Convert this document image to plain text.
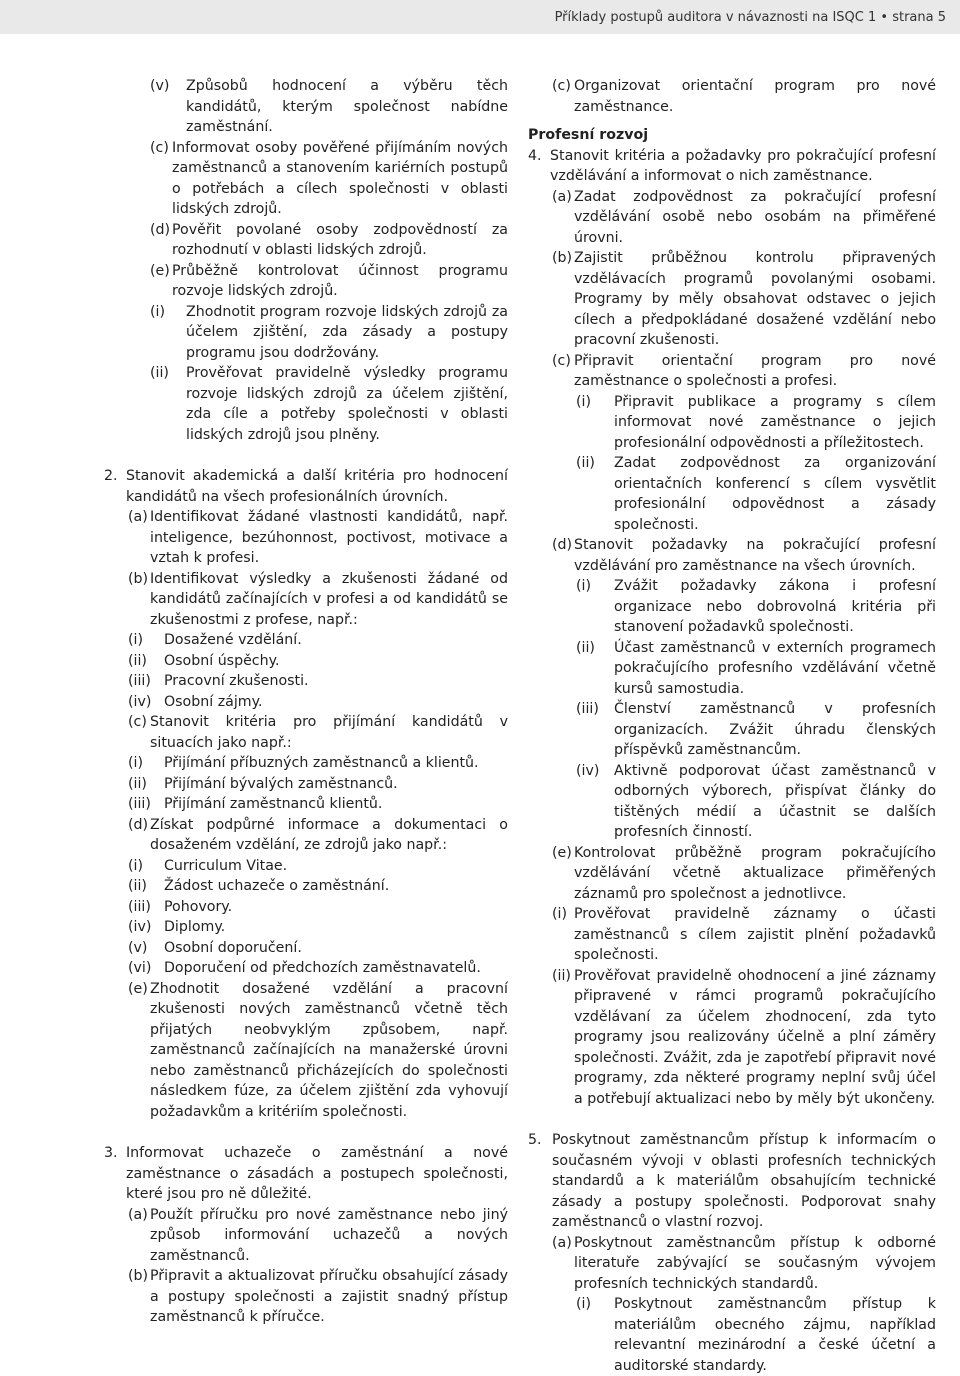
Příklady postupů auditora v návaznosti na ISQC 1 • strana 5
(v) Způsobů hodnocení a výběru těch kandidátů, kterým společnost nabídne zaměstnání.
(c) Informovat osoby pověřené přijímáním nových zaměstnanců a stanovením kariérních postupů o potřebách a cílech společnosti v oblasti lidských zdrojů.
(d) Pověřit povolané osoby zodpovědností za rozhodnutí v oblasti lidských zdrojů.
(e) Průběžně kontrolovat účinnost programu rozvoje lidských zdrojů.
(i) Zhodnotit program rozvoje lidských zdrojů za účelem zjištění, zda zásady a postupy programu jsou dodržovány.
(ii) Prověřovat pravidelně výsledky programu rozvoje lidských zdrojů za účelem zjištění, zda cíle a potřeby společnosti v oblasti lidských zdrojů jsou plněny.
2. Stanovit akademická a další kritéria pro hodnocení kandidátů na všech profesionálních úrovních.
(a) Identifikovat žádané vlastnosti kandidátů, např. inteligence, bezúhonnost, poctivost, motivace a vztah k profesi.
(b) Identifikovat výsledky a zkušenosti žádané od kandidátů začínajících v profesi a od kandidátů se zkušenostmi z profese, např.:
(i) Dosažené vzdělání.
(ii) Osobní úspěchy.
(iii) Pracovní zkušenosti.
(iv) Osobní zájmy.
(c) Stanovit kritéria pro přijímání kandidátů v situacích jako např.:
(i) Přijímání příbuzných zaměstnanců a klientů.
(ii) Přijímání bývalých zaměstnanců.
(iii) Přijímání zaměstnanců klientů.
(d) Získat podpůrné informace a dokumentaci o dosaženém vzdělání, ze zdrojů jako např.:
(i) Curriculum Vitae.
(ii) Žádost uchazeče o zaměstnání.
(iii) Pohovory.
(iv) Diplomy.
(v) Osobní doporučení.
(vi) Doporučení od předchozích zaměstnavatelů.
(e) Zhodnotit dosažené vzdělání a pracovní zkušenosti nových zaměstnanců včetně těch přijatých neobvyklým způsobem, např. zaměstnanců začínajících na manažerské úrovni nebo zaměstnanců přicházejících do společnosti následkem fúze, za účelem zjištění zda vyhovují požadavkům a kritériím společnosti.
3. Informovat uchazeče o zaměstnání a nové zaměstnance o zásadách a postupech společnosti, které jsou pro ně důležité.
(a) Použít příručku pro nové zaměstnance nebo jiný způsob informování uchazečů a nových zaměstnanců.
(b) Připravit a aktualizovat příručku obsahující zásady a postupy společnosti a zajistit snadný přístup zaměstnanců k příručce.
(c) Organizovat orientační program pro nové zaměstnance.
Profesní rozvoj
4. Stanovit kritéria a požadavky pro pokračující profesní vzdělávání a informovat o nich zaměstnance.
(a) Zadat zodpovědnost za pokračující profesní vzdělávání osobě nebo osobám na přiměřené úrovni.
(b) Zajistit průběžnou kontrolu připravených vzdělávacích programů povolanými osobami. Programy by měly obsahovat odstavec o jejich cílech a předpokládané dosažené vzdělání nebo pracovní zkušenosti.
(c) Připravit orientační program pro nové zaměstnance o společnosti a profesi.
(i) Připravit publikace a programy s cílem informovat nové zaměstnance o jejich profesionální odpovědnosti a příležitostech.
(ii) Zadat zodpovědnost za organizování orientačních konferencí s cílem vysvětlit profesionální odpovědnost a zásady společnosti.
(d) Stanovit požadavky na pokračující profesní vzdělávání pro zaměstnance na všech úrovních.
(i) Zvážit požadavky zákona i profesní organizace nebo dobrovolná kritéria při stanovení požadavků společnosti.
(ii) Účast zaměstnanců v externích programech pokračujícího profesního vzdělávání včetně kursů samostudia.
(iii) Členství zaměstnanců v profesních organizacích. Zvážit úhradu členských příspěvků zaměstnancům.
(iv) Aktivně podporovat účast zaměstnanců v odborných výborech, přispívat články do tištěných médií a účastnit se dalších profesních činností.
(e) Kontrolovat průběžně program pokračujícího vzdělávání včetně aktualizace přiměřených záznamů pro společnost a jednotlivce.
(i) Prověřovat pravidelně záznamy o účasti zaměstnanců s cílem zajistit plnění požadavků společnosti.
(ii) Prověřovat pravidelně ohodnocení a jiné záznamy připravené v rámci programů pokračujícího vzdělávaní za účelem zhodnocení, zda tyto programy jsou realizovány účelně a plní záměry společnosti. Zvážit, zda je zapotřebí připravit nové programy, zda některé programy neplní svůj účel a potřebují aktualizaci nebo by měly být ukončeny.
5. Poskytnout zaměstnancům přístup k informacím o současném vývoji v oblasti profesních technických standardů a k materiálům obsahujícím technické zásady a postupy společnosti. Podporovat snahy zaměstnanců o vlastní rozvoj.
(a) Poskytnout zaměstnancům přístup k odborné literatuře zabývající se současným vývojem profesních technických standardů.
(i) Poskytnout zaměstnancům přístup k materiálům obecného zájmu, například relevantní mezinárodní a české účetní a auditorské standardy.
